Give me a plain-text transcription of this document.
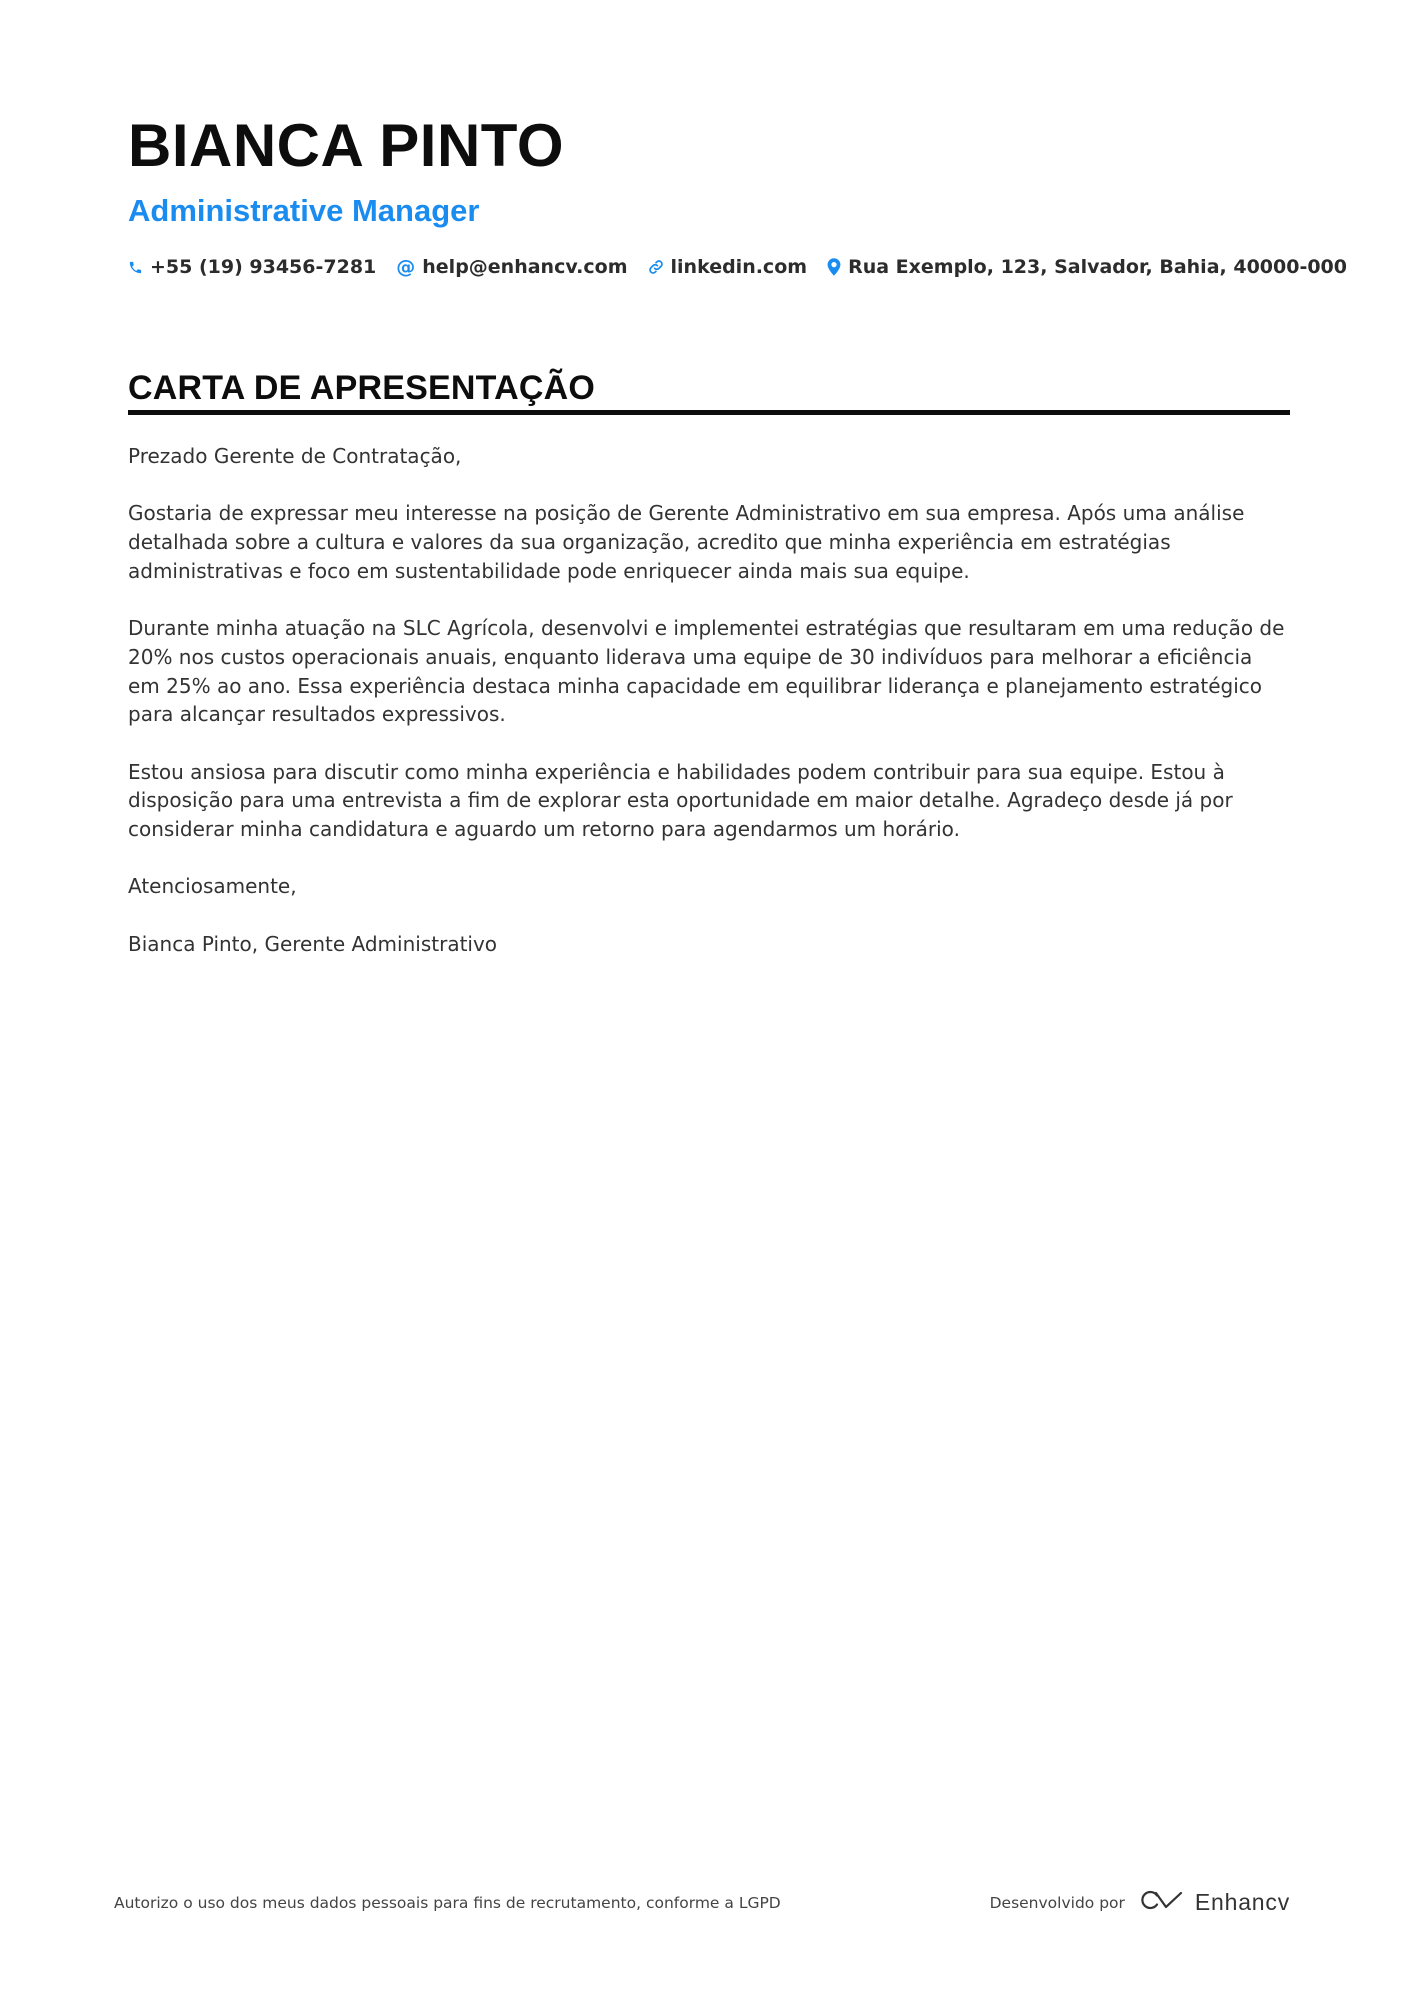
BIANCA PINTO
Administrative Manager
+55 (19) 93456-7281 @ help@enhancv.com linkedin.com Rua Exemplo, 123, Salvador, Bahia, 40000-000
CARTA DE APRESENTAÇÃO

Prezado Gerente de Contratação,

Gostaria de expressar meu interesse na posição de Gerente Administrativo em sua empresa. Após uma análise detalhada sobre a cultura e valores da sua organização, acredito que minha experiência em estratégias administrativas e foco em sustentabilidade pode enriquecer ainda mais sua equipe.

Durante minha atuação na SLC Agrícola, desenvolvi e implementei estratégias que resultaram em uma redução de 20% nos custos operacionais anuais, enquanto liderava uma equipe de 30 indivíduos para melhorar a eficiência em 25% ao ano. Essa experiência destaca minha capacidade em equilibrar liderança e planejamento estratégico para alcançar resultados expressivos.

Estou ansiosa para discutir como minha experiência e habilidades podem contribuir para sua equipe. Estou à disposição para uma entrevista a fim de explorar esta oportunidade em maior detalhe. Agradeço desde já por considerar minha candidatura e aguardo um retorno para agendarmos um horário.

Atenciosamente,

Bianca Pinto, Gerente Administrativo

Autorizo o uso dos meus dados pessoais para fins de recrutamento, conforme a LGPD	Desenvolvido por	Enhancv
